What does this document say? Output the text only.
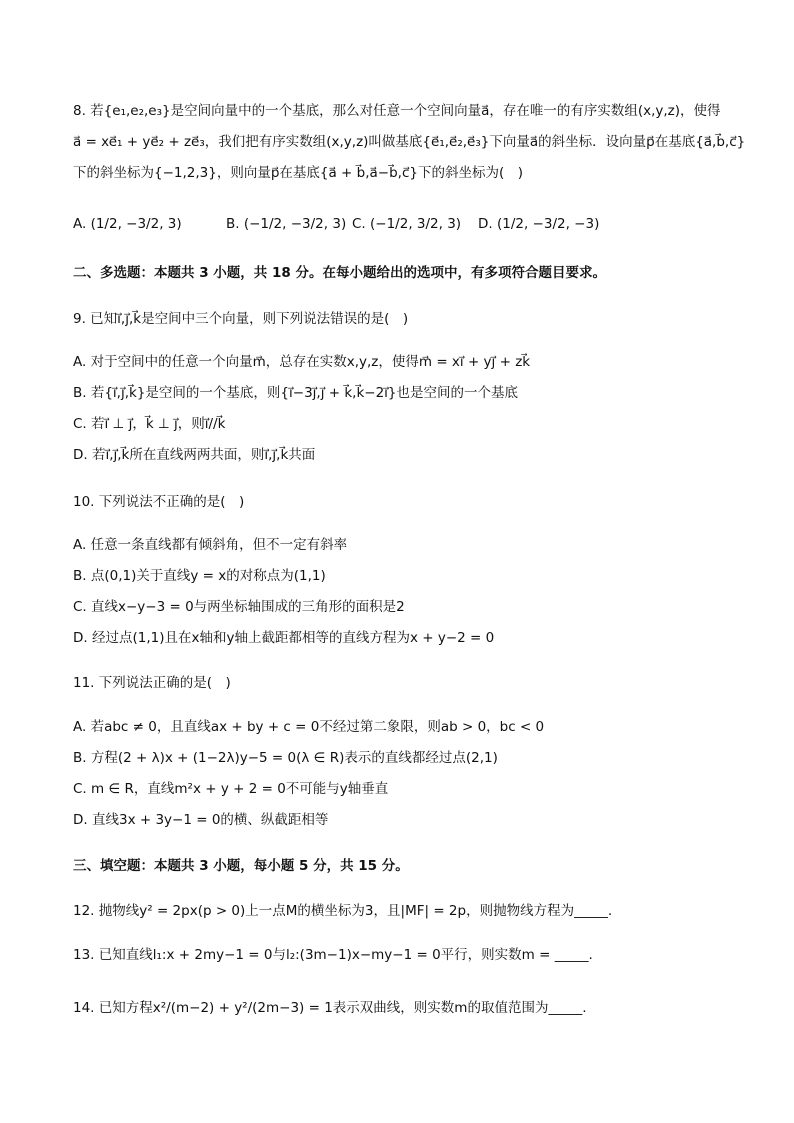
8. 若{e₁,e₂,e₃}是空间向量中的一个基底，那么对任意一个空间向量a⃗，存在唯一的有序实数组(x,y,z)，使得
a⃗ = xe⃗₁ + ye⃗₂ + ze⃗₃，我们把有序实数组(x,y,z)叫做基底{e⃗₁,e⃗₂,e⃗₃}下向量a⃗的斜坐标．设向量p⃗在基底{a⃗,b⃗,c⃗}
下的斜坐标为{−1,2,3}，则向量p⃗在基底{a⃗ + b⃗,a⃗−b⃗,c⃗}下的斜坐标为(　)
A. (1/2, −3/2, 3)	B. (−1/2, −3/2, 3) C. (−1/2, 3/2, 3) D. (1/2, −3/2, −3)
二、多选题：本题共 3 小题，共 18 分。在每小题给出的选项中，有多项符合题目要求。
9. 已知i⃗,j⃗,k⃗是空间中三个向量，则下列说法错误的是(　)
A. 对于空间中的任意一个向量m⃗，总存在实数x,y,z，使得m⃗ = xi⃗ + yj⃗ + zk⃗
B. 若{i⃗,j⃗,k⃗}是空间的一个基底，则{i⃗−3j⃗,j⃗ + k⃗,k⃗−2i⃗}也是空间的一个基底
C. 若i⃗ ⊥ j⃗，k⃗ ⊥ j⃗，则i⃗//k⃗
D. 若i⃗,j⃗,k⃗所在直线两两共面，则i⃗,j⃗,k⃗共面
10. 下列说法不正确的是(　)
A. 任意一条直线都有倾斜角，但不一定有斜率
B. 点(0,1)关于直线y = x的对称点为(1,1)
C. 直线x−y−3 = 0与两坐标轴围成的三角形的面积是2
D. 经过点(1,1)且在x轴和y轴上截距都相等的直线方程为x + y−2 = 0
11. 下列说法正确的是(　)
A. 若abc ≠ 0，且直线ax + by + c = 0不经过第二象限，则ab > 0，bc < 0
B. 方程(2 + λ)x + (1−2λ)y−5 = 0(λ ∈ R)表示的直线都经过点(2,1)
C. m ∈ R，直线m²x + y + 2 = 0不可能与y轴垂直
D. 直线3x + 3y−1 = 0的横、纵截距相等
三、填空题：本题共 3 小题，每小题 5 分，共 15 分。
12. 抛物线y² = 2px(p > 0)上一点M的横坐标为3，且|MF| = 2p，则抛物线方程为_____.
13. 已知直线l₁:x + 2my−1 = 0与l₂:(3m−1)x−my−1 = 0平行，则实数m = _____.
14. 已知方程x²/(m−2) + y²/(2m−3) = 1表示双曲线，则实数m的取值范围为_____.
